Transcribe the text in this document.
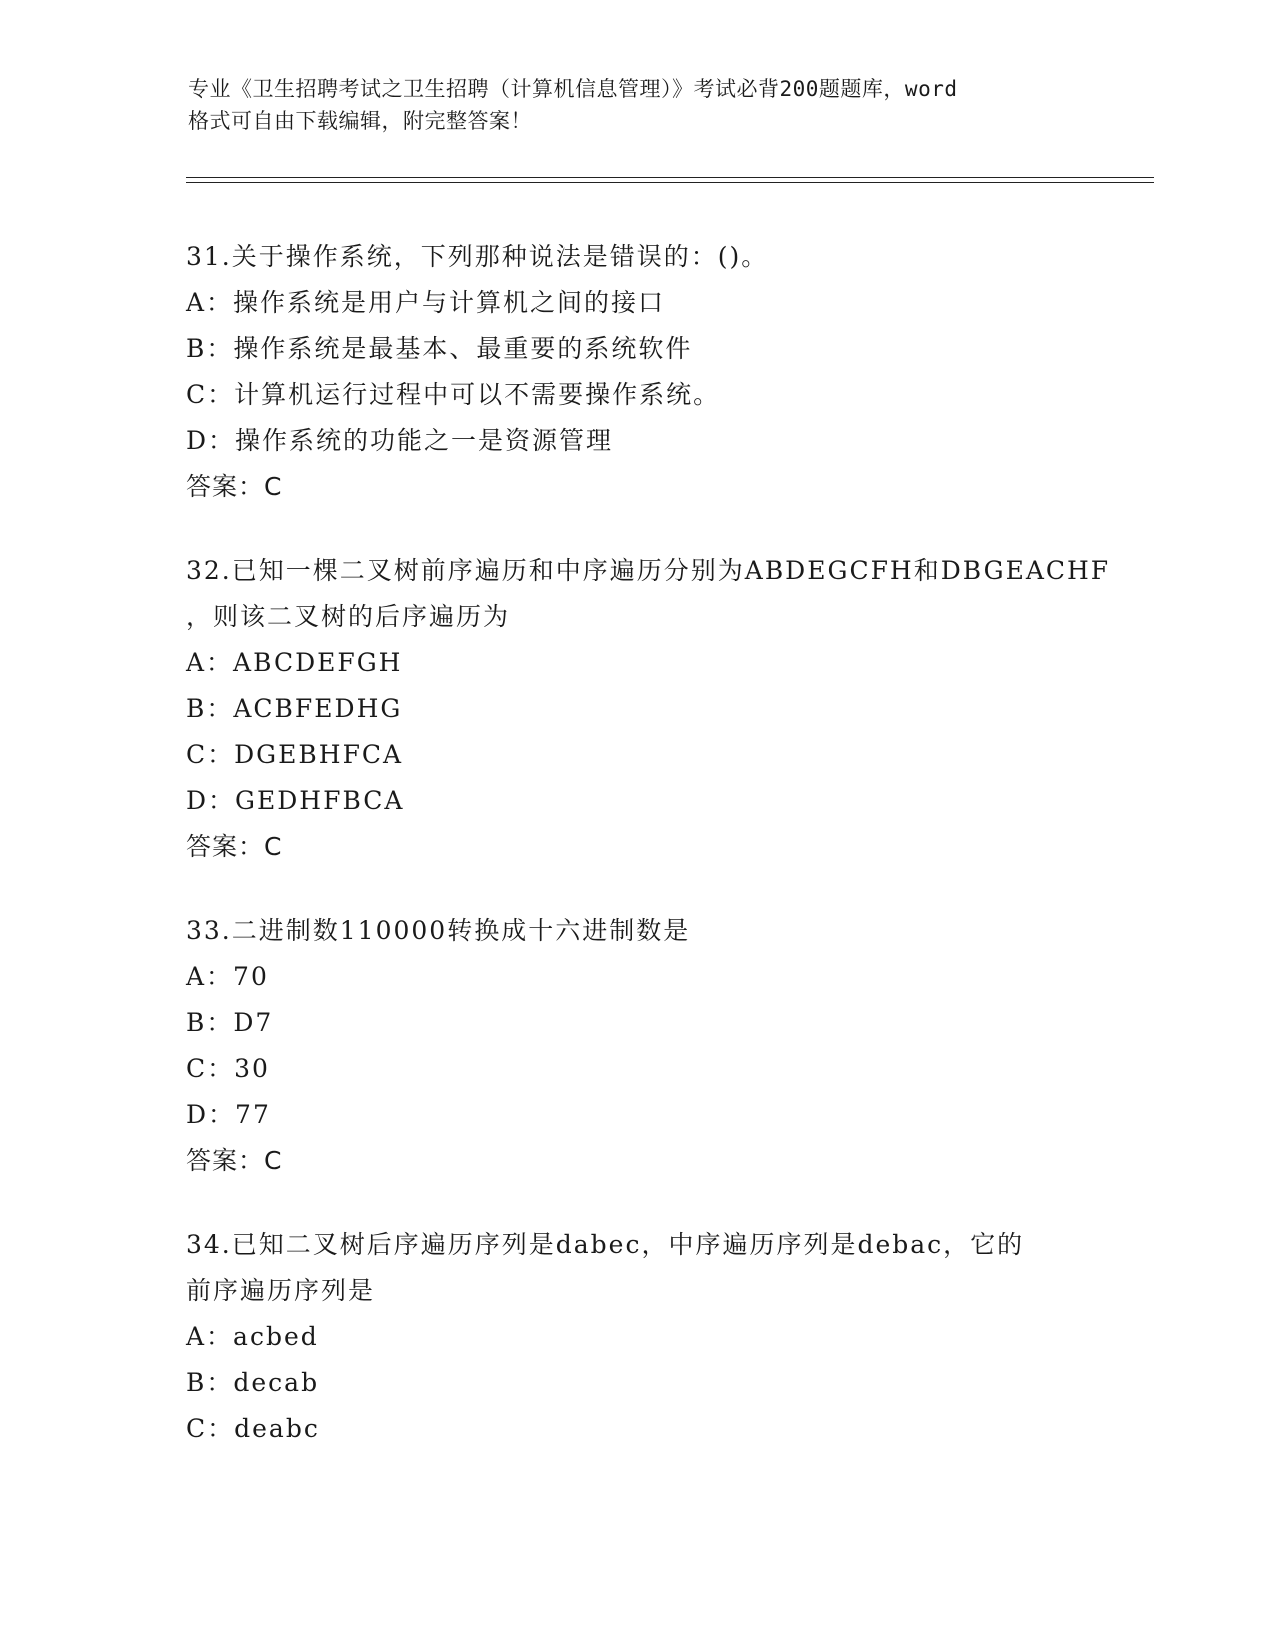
专业《卫生招聘考试之卫生招聘（计算机信息管理）》考试必背200题题库，word
格式可自由下载编辑，附完整答案！
31.关于操作系统，下列那种说法是错误的：()。
A：操作系统是用户与计算机之间的接口
B：操作系统是最基本、最重要的系统软件
C：计算机运行过程中可以不需要操作系统。
D：操作系统的功能之一是资源管理
答案：C
32.已知一棵二叉树前序遍历和中序遍历分别为ABDEGCFH和DBGEACHF
，则该二叉树的后序遍历为
A：ABCDEFGH
B：ACBFEDHG
C：DGEBHFCA
D：GEDHFBCA
答案：C
33.二进制数110000转换成十六进制数是
A：70
B：D7
C：30
D：77
答案：C
34.已知二叉树后序遍历序列是dabec，中序遍历序列是debac，它的
前序遍历序列是
A：acbed
B：decab
C：deabc
